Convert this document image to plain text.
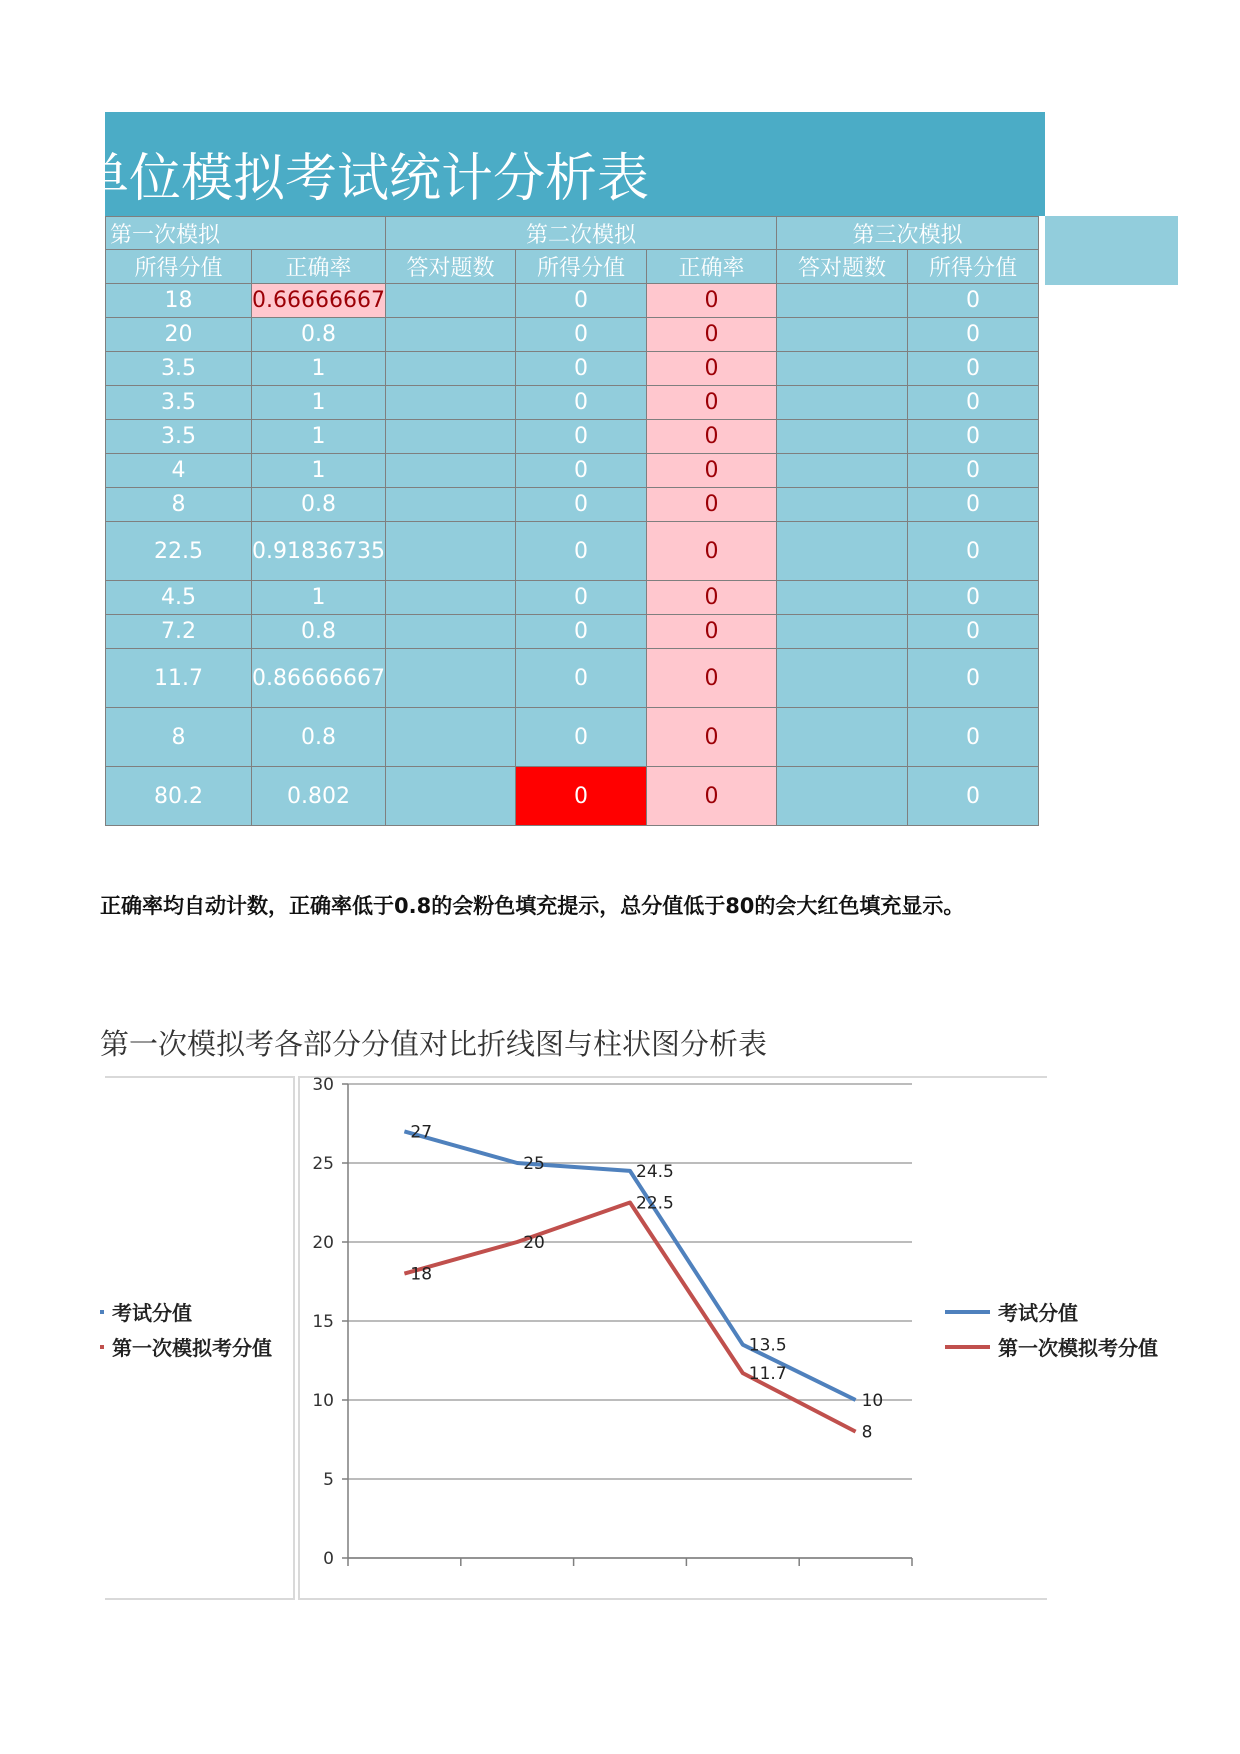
单位模拟考试统计分析表
第一次模拟		第二次模拟			第三次模拟	
所得分值	正确率	答对题数	所得分值	正确率	答对题数	所得分值
18	0.66666667		0	0		0
20	0.8		0	0		0
3.5	1		0	0		0
3.5	1		0	0		0
3.5	1		0	0		0
4	1		0	0		0
8	0.8		0	0		0
22.5	0.91836735		0	0		0
4.5	1		0	0		0
7.2	0.8		0	0		0
11.7	0.86666667		0	0		0
8	0.8		0	0		0
80.2	0.802		0	0		0
正确率均自动计数，正确率低于0.8的会粉色填充提示，总分值低于80的会大红色填充显示。
第一次模拟考各部分分值对比折线图与柱状图分析表
考试分值
第一次模拟考分值
0
5
10
15
20
25
30
27
25	24.5
13.5
10
18
20
22.5
11.7
8
考试分值
第一次模拟考分值
